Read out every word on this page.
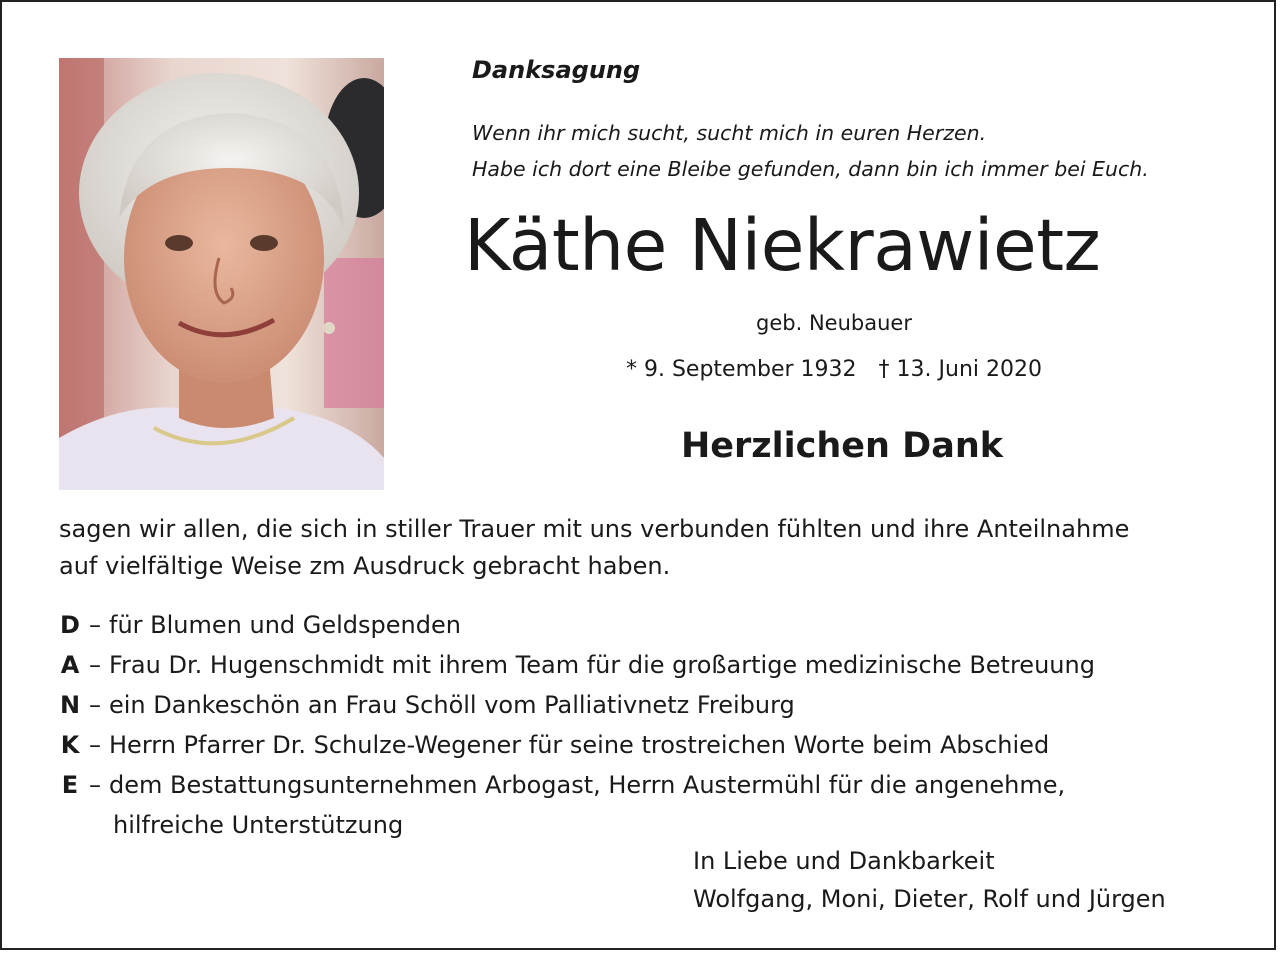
Danksagung
Wenn ihr mich sucht, sucht mich in euren Herzen.
Habe ich dort eine Bleibe gefunden, dann bin ich immer bei Euch.
Käthe Niekrawietz
geb. Neubauer
* 9. September 1932 † 13. Juni 2020
Herzlichen Dank
sagen wir allen, die sich in stiller Trauer mit uns verbunden fühlten und ihre Anteilnahme
auf vielfältige Weise zm Ausdruck gebracht haben.
D – für Blumen und Geldspenden
A – Frau Dr. Hugenschmidt mit ihrem Team für die großartige medizinische Betreuung
N – ein Dankeschön an Frau Schöll vom Palliativnetz Freiburg
K – Herrn Pfarrer Dr. Schulze-Wegener für seine trostreichen Worte beim Abschied
E – dem Bestattungsunternehmen Arbogast, Herrn Austermühl für die angenehme,
hilfreiche Unterstützung
In Liebe und Dankbarkeit
Wolfgang, Moni, Dieter, Rolf und Jürgen
